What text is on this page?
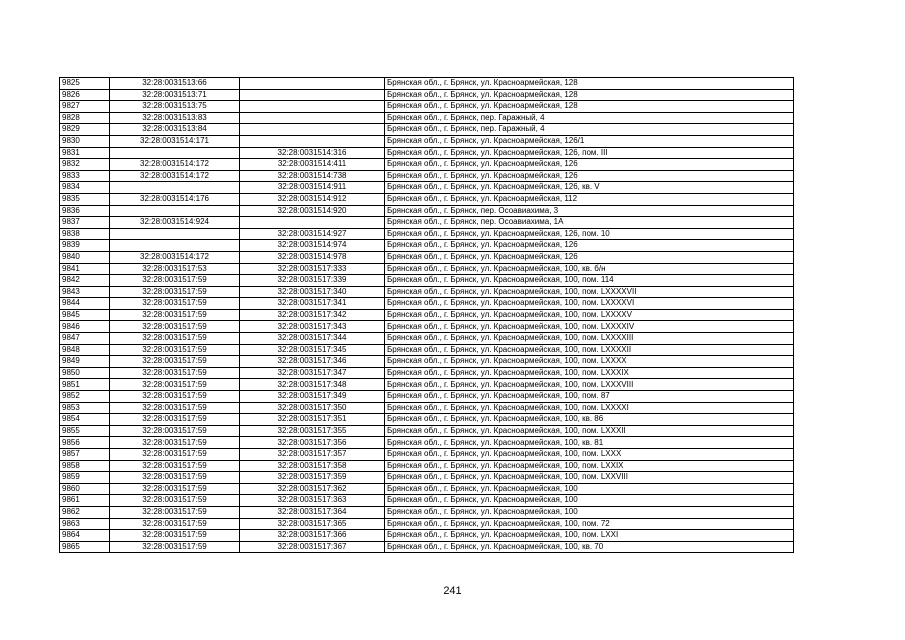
9825	32:28:0031513:66		Брянская обл., г. Брянск, ул. Красноармейская, 128
9826	32:28:0031513:71		Брянская обл., г. Брянск, ул. Красноармейская, 128
9827	32:28:0031513:75		Брянская обл., г. Брянск, ул. Красноармейская, 128
9828	32:28:0031513:83		Брянская обл., г. Брянск, пер. Гаражный, 4
9829	32:28:0031513:84		Брянская обл., г. Брянск, пер. Гаражный, 4
9830	32:28:0031514:171		Брянская обл., г. Брянск, ул. Красноармейская, 126/1
9831		32:28:0031514:316	Брянская обл., г. Брянск, ул. Красноармейская, 126, пом. III
9832	32:28:0031514:172	32:28:0031514:411	Брянская обл., г. Брянск, ул. Красноармейская, 126
9833	32:28:0031514:172	32:28:0031514:738	Брянская обл., г. Брянск, ул. Красноармейская, 126
9834		32:28:0031514:911	Брянская обл., г. Брянск, ул. Красноармейская, 126, кв. V
9835	32:28:0031514:176	32:28:0031514:912	Брянская обл., г. Брянск, ул. Красноармейская, 112
9836		32:28:0031514:920	Брянская обл., г. Брянск, пер. Осоавиахима, 3
9837	32:28:0031514:924		Брянская обл., г. Брянск, пер. Осоавиахима, 1А
9838		32:28:0031514:927	Брянская обл., г. Брянск, ул. Красноармейская, 126, пом. 10
9839		32:28:0031514:974	Брянская обл., г. Брянск, ул. Красноармейская, 126
9840	32:28:0031514:172	32:28:0031514:978	Брянская обл., г. Брянск, ул. Красноармейская, 126
9841	32:28:0031517:53	32:28:0031517:333	Брянская обл., г. Брянск, ул. Красноармейская, 100, кв. б/н
9842	32:28:0031517:59	32:28:0031517:339	Брянская обл., г. Брянск, ул. Красноармейская, 100, пом. 114
9843	32:28:0031517:59	32:28:0031517:340	Брянская обл., г. Брянск, ул. Красноармейская, 100, пом. LXXXXVII
9844	32:28:0031517:59	32:28:0031517:341	Брянская обл., г. Брянск, ул. Красноармейская, 100, пом. LXXXXVI
9845	32:28:0031517:59	32:28:0031517:342	Брянская обл., г. Брянск, ул. Красноармейская, 100, пом. LXXXXV
9846	32:28:0031517:59	32:28:0031517:343	Брянская обл., г. Брянск, ул. Красноармейская, 100, пом. LXXXXIV
9847	32:28:0031517:59	32:28:0031517:344	Брянская обл., г. Брянск, ул. Красноармейская, 100, пом. LXXXXIII
9848	32:28:0031517:59	32:28:0031517:345	Брянская обл., г. Брянск, ул. Красноармейская, 100, пом. LXXXXII
9849	32:28:0031517:59	32:28:0031517:346	Брянская обл., г. Брянск, ул. Красноармейская, 100, пом. LXXXX
9850	32:28:0031517:59	32:28:0031517:347	Брянская обл., г. Брянск, ул. Красноармейская, 100, пом. LXXXIX
9851	32:28:0031517:59	32:28:0031517:348	Брянская обл., г. Брянск, ул. Красноармейская, 100, пом. LXXXVIII
9852	32:28:0031517:59	32:28:0031517:349	Брянская обл., г. Брянск, ул. Красноармейская, 100, пом. 87
9853	32:28:0031517:59	32:28:0031517:350	Брянская обл., г. Брянск, ул. Красноармейская, 100, пом. LXXXXI
9854	32:28:0031517:59	32:28:0031517:351	Брянская обл., г. Брянск, ул. Красноармейская, 100, кв. 86
9855	32:28:0031517:59	32:28:0031517:355	Брянская обл., г. Брянск, ул. Красноармейская, 100, пом. LXXXII
9856	32:28:0031517:59	32:28:0031517:356	Брянская обл., г. Брянск, ул. Красноармейская, 100, кв. 81
9857	32:28:0031517:59	32:28:0031517:357	Брянская обл., г. Брянск, ул. Красноармейская, 100, пом. LXXX
9858	32:28:0031517:59	32:28:0031517:358	Брянская обл., г. Брянск, ул. Красноармейская, 100, пом. LXXIX
9859	32:28:0031517:59	32:28:0031517:359	Брянская обл., г. Брянск, ул. Красноармейская, 100, пом. LXXVIII
9860	32:28:0031517:59	32:28:0031517:362	Брянская обл., г. Брянск, ул. Красноармейская, 100
9861	32:28:0031517:59	32:28:0031517:363	Брянская обл., г. Брянск, ул. Красноармейская, 100
9862	32:28:0031517:59	32:28:0031517:364	Брянская обл., г. Брянск, ул. Красноармейская, 100
9863	32:28:0031517:59	32:28:0031517:365	Брянская обл., г. Брянск, ул. Красноармейская, 100, пом. 72
9864	32:28:0031517:59	32:28:0031517:366	Брянская обл., г. Брянск, ул. Красноармейская, 100, пом. LXXI
9865	32:28:0031517:59	32:28:0031517:367	Брянская обл., г. Брянск, ул. Красноармейская, 100, кв. 70
241
